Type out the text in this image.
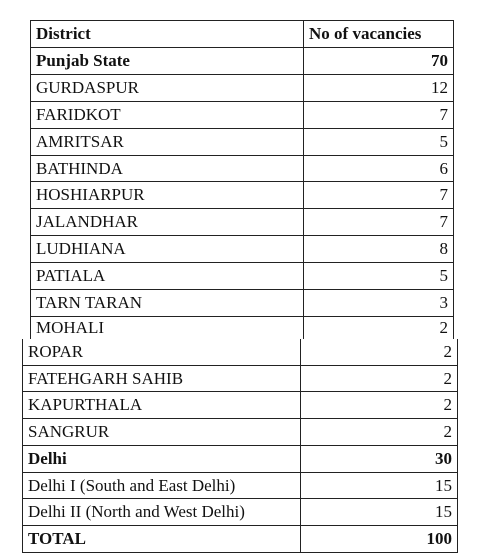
District	No of vacancies
Punjab State	70
GURDASPUR	12
FARIDKOT	7
AMRITSAR	5
BATHINDA	6
HOSHIARPUR	7
JALANDHAR	7
LUDHIANA	8
PATIALA	5
TARN TARAN	3
MOHALI	2
ROPAR	2
FATEHGARH SAHIB	2
KAPURTHALA	2
SANGRUR	2
Delhi	30
Delhi I (South and East Delhi)	15
Delhi II (North and West Delhi)	15
TOTAL	100
